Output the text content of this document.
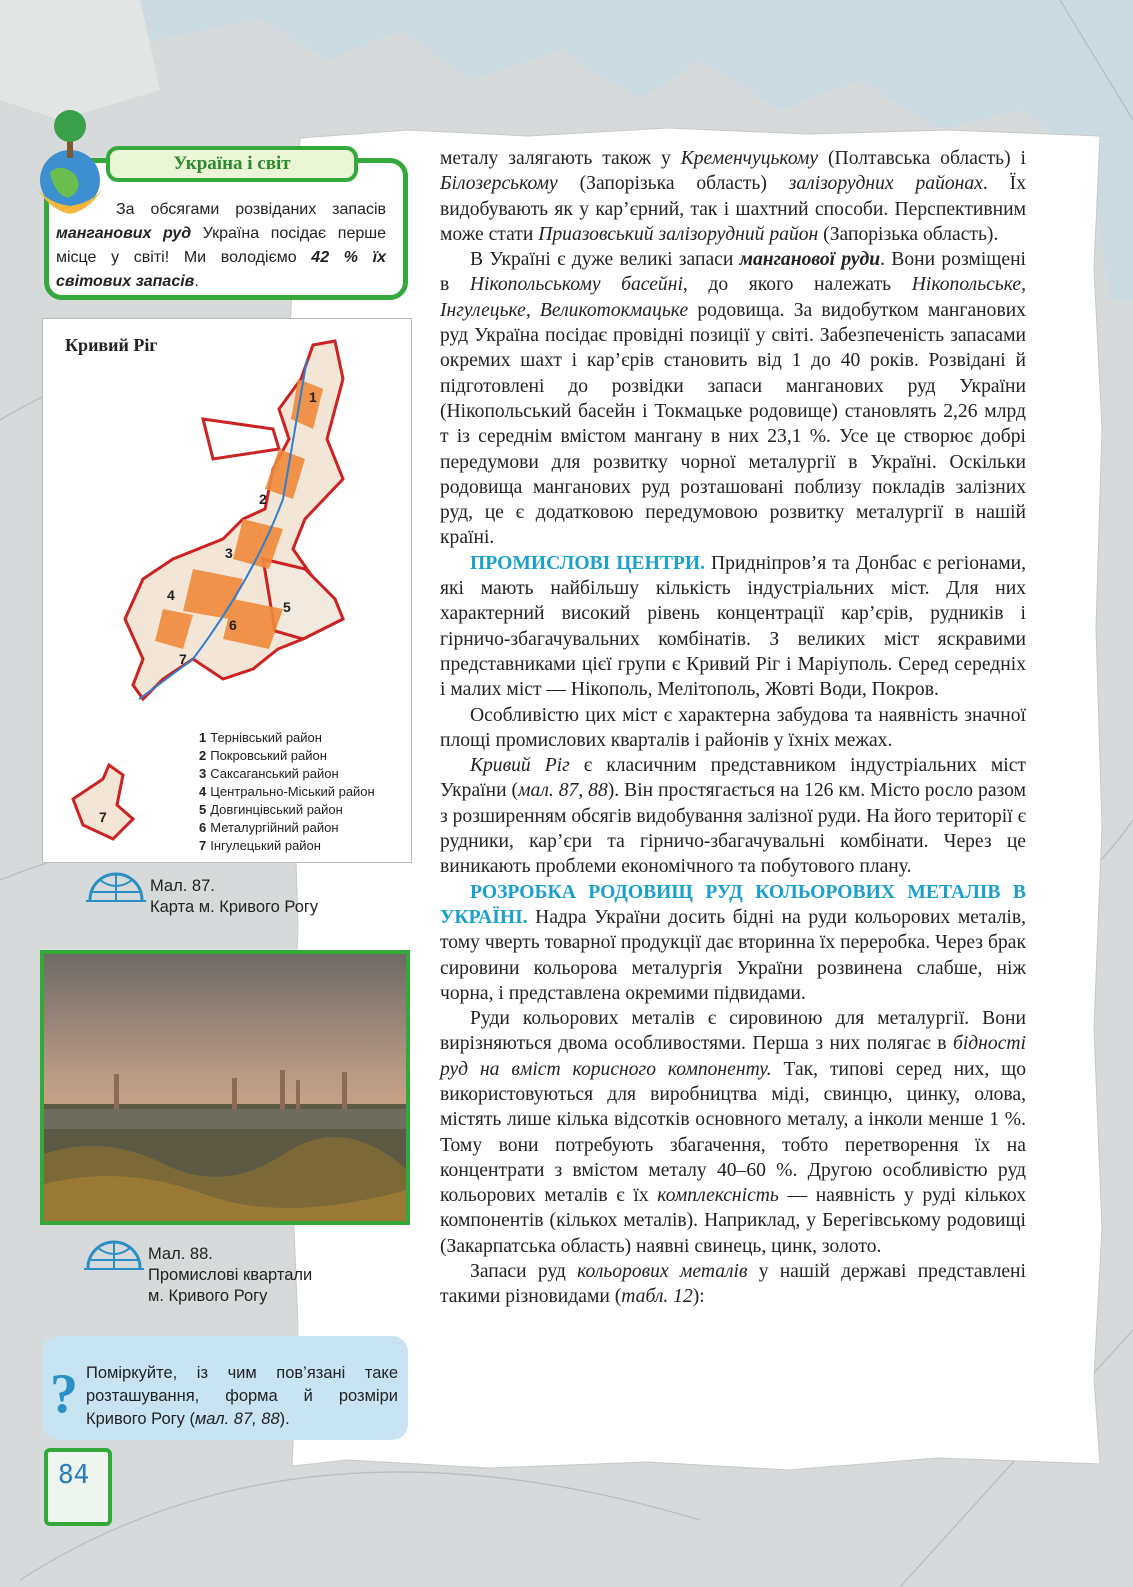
Україна і світ
За обсягами розвіданих запасів манганових руд Україна посідає перше місце у світі! Ми володіємо 42 % їх світових запасів.
Кривий Ріг
1
2
3
4
5
6
7
7
1 Тернівський район
2 Покровський район
3 Саксаганський район
4 Центрально-Міський район
5 Довгинцівський район
6 Металургійний район
7 Інгулецький район
Мал. 87.
Карта м. Кривого Рогу
Мал. 88.
Промислові квартали
м. Кривого Рогу
? Поміркуйте, із чим пов’язані таке розташування, форма й розміри Кривого Рогу (мал. 87, 88).
84

металу залягають також у Кременчуцькому (Полтавська область) і Білозерському (Запорізька область) залізорудних районах. Їх видобувають як у кар’єрний, так і шахтний способи. Перспективним може стати Приазовський залізорудний район (Запорізька область).

В Україні є дуже великі запаси манганової руди. Вони розміщені в Нікопольському басейні, до якого належать Нікопольське, Інгулецьке, Великотокмацьке родовища. За видобутком манганових руд Україна посідає провідні позиції у світі. Забезпеченість запасами окремих шахт і кар’єрів становить від 1 до 40 років. Розвідані й підготовлені до розвідки запаси манганових руд України (Нікопольський басейн і Токмацьке родовище) становлять 2,26 млрд т із середнім вмістом мангану в них 23,1 %. Усе це створює добрі передумови для розвитку чорної металургії в Україні. Оскільки родовища манганових руд розташовані поблизу покладів залізних руд, це є додатковою передумовою розвитку металургії в нашій країні.

ПРОМИСЛОВІ ЦЕНТРИ. Придніпров’я та Донбас є регіонами, які мають найбільшу кількість індустріальних міст. Для них характерний високий рівень концентрації кар’єрів, рудників і гірничо-збагачувальних комбінатів. З великих міст яскравими представниками цієї групи є Кривий Ріг і Маріуполь. Серед середніх і малих міст — Нікополь, Мелітополь, Жовті Води, Покров.

Особливістю цих міст є характерна забудова та наявність значної площі промислових кварталів і районів у їхніх межах.

Кривий Ріг є класичним представником індустріальних міст України (мал. 87, 88). Він простягається на 126 км. Місто росло разом з розширенням обсягів видобування залізної руди. На його території є рудники, кар’єри та гірничо-збагачувальні комбінати. Через це виникають проблеми економічного та побутового плану.

РОЗРОБКА РОДОВИЩ РУД КОЛЬОРОВИХ МЕТАЛІВ В УКРАЇНІ. Надра України досить бідні на руди кольорових металів, тому чверть товарної продукції дає вторинна їх переробка. Через брак сировини кольорова металургія України розвинена слабше, ніж чорна, і представлена окремими підвидами.

Руди кольорових металів є сировиною для металургії. Вони вирізняються двома особливостями. Перша з них полягає в бідності руд на вміст корисного компоненту. Так, типові серед них, що використовуються для виробництва міді, свинцю, цинку, олова, містять лише кілька відсотків основного металу, а інколи менше 1 %. Тому вони потребують збагачення, тобто перетворення їх на концентрати з вмістом металу 40–60 %. Другою особливістю руд кольорових металів є їх комплексність — наявність у руді кількох компонентів (кількох металів). Наприклад, у Берегівському родовищі (Закарпатська область) наявні свинець, цинк, золото.

Запаси руд кольорових металів у нашій державі представлені такими різновидами (табл. 12):
